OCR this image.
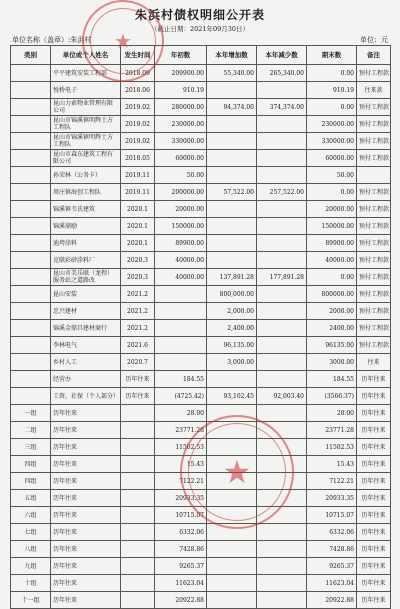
朱浜村债权明细公开表
（截止日期：2021年09月30日）
单位名称（盖章）:朱浜村	单位：元
类别	单位或个人姓名	发生时间	年初数	本年增加数	本年减少数	期末数	备注
	平平建筑安装工程部	2018.09	209900.00	55,340.00	265,340.00	0.00	预付工程款
	悦桥电子	2018.06	910.19			910.19	往来款
	昆山力索物业管理有限公司	2019.02	280000.00	94,374.00	374,374.00	0.00	预付工程款
	昆山市锦溪镇明辉土方工程队	2019.02	230000.00			230000.00	预付工程款
	昆山市锦溪镇明辉土方工程队	2019.02	330000.00			330000.00	预付工程款
	昆山市森东建筑工程有限公司	2018.05	60000.00			60000.00	预付工程款
	孙荣林（公务卡）	2019.11	50.00			50.00	
	周庄镇海创工程队	2019.11	200000.00	57,522.00	257,522.00	0.00	预付工程款
	锦溪镇韦氏建筑	2020.1	20000.00			20000.00	预付工程款
	锦溪鼎励	2020.1	150000.00			150000.00	预付工程款
	迪垮涂料	2020.1	89900.00			89900.00	预付工程款
	克联彩砂涂料厂	2020.3	40000.00			40000.00	预付工程款
	昆山市美乐联（龙程）服务站之道路改	2020.3	40000.00	137,891.28	177,891.28	0.00	预付工程款
	昆山安装	2021.2		800,000.00		800000.00	预付工程款
	忠兴建材	2021.2		2,000.00		2000.00	预付工程款
	锦溪金鼎昌建材商行	2021.2		2,400.00		2400.00	预付工程款
	李林电气	2021.6		96,135.00		96135.00	预付工程款
	乡村人工	2020.7		3,000.00		3000.00	往来
	经营办	历年往来	184.55			184.55	历年往来
	工资、社保（个人部分）	历年往来	(4725.42)	93,102.45	92,003.40	(3566.37)	历年往来
一组	历年往来		28.00			28.00	历年往来
二组	历年往来		23771.28			23771.28	历年往来
三组	历年往来		11502.53			11502.53	历年往来
四组	历年往来		15.43			15.43	历年往来
四组	历年往来		7122.21			7122.21	历年往来
五组	历年往来		20933.35			20933.35	历年往来
六组	历年往来		10715.07			10715.07	历年往来
七组	历年往来		6332.06			6332.06	历年往来
八组	历年往来		7428.86			7428.86	历年往来
九组	历年往来		9265.37			9265.37	历年往来
十组	历年往来		11623.04			11623.04	历年往来
十一组	历年往来		20922.88			20922.88	历年往来
★
★
